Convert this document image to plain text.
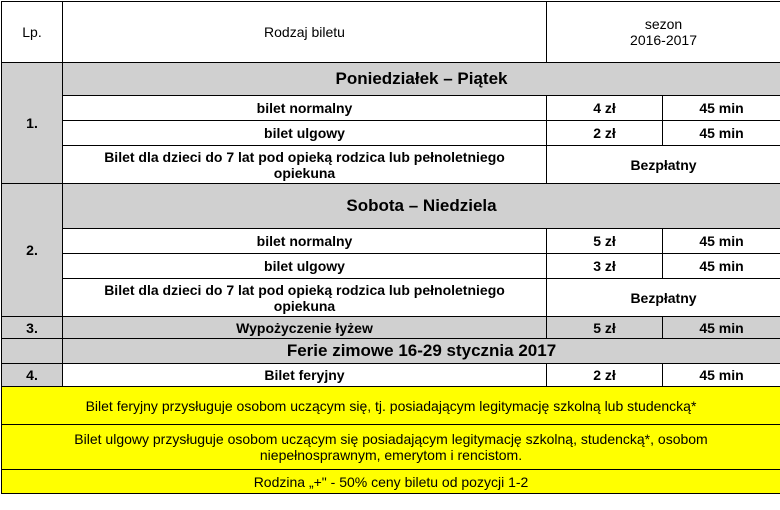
Lp.	Rodzaj biletu	sezon
2016-2017	

1.	Poniedziałek – Piątek		
	bilet normalny	4 zł	45 min
	bilet ulgowy	2 zł	45 min

	Bilet dla dzieci do 7 lat pod opieką rodzica lub pełnoletniego
opiekuna	Bezpłatny	
2.	Sobota – Niedziela		
	bilet normalny	5 zł	45 min
	bilet ulgowy	3 zł	45 min

	Bilet dla dzieci do 7 lat pod opieką rodzica lub pełnoletniego
opiekuna	Bezpłatny	
3.	Wypożyczenie łyżew	5 zł	45 min
	Ferie zimowe 16-29 stycznia 2017		
4.	Bilet feryjny	2 zł	45 min
Bilet feryjny przysługuje osobom uczącym się, tj. posiadającym legitymację szkolną lub studencką*			

Bilet ulgowy przysługuje osobom uczącym się posiadającym legitymację szkolną, studencką*, osobom
niepełnosprawnym, emerytom i rencistom.			

Rodzina „+" - 50% ceny biletu od pozycji 1-2			
